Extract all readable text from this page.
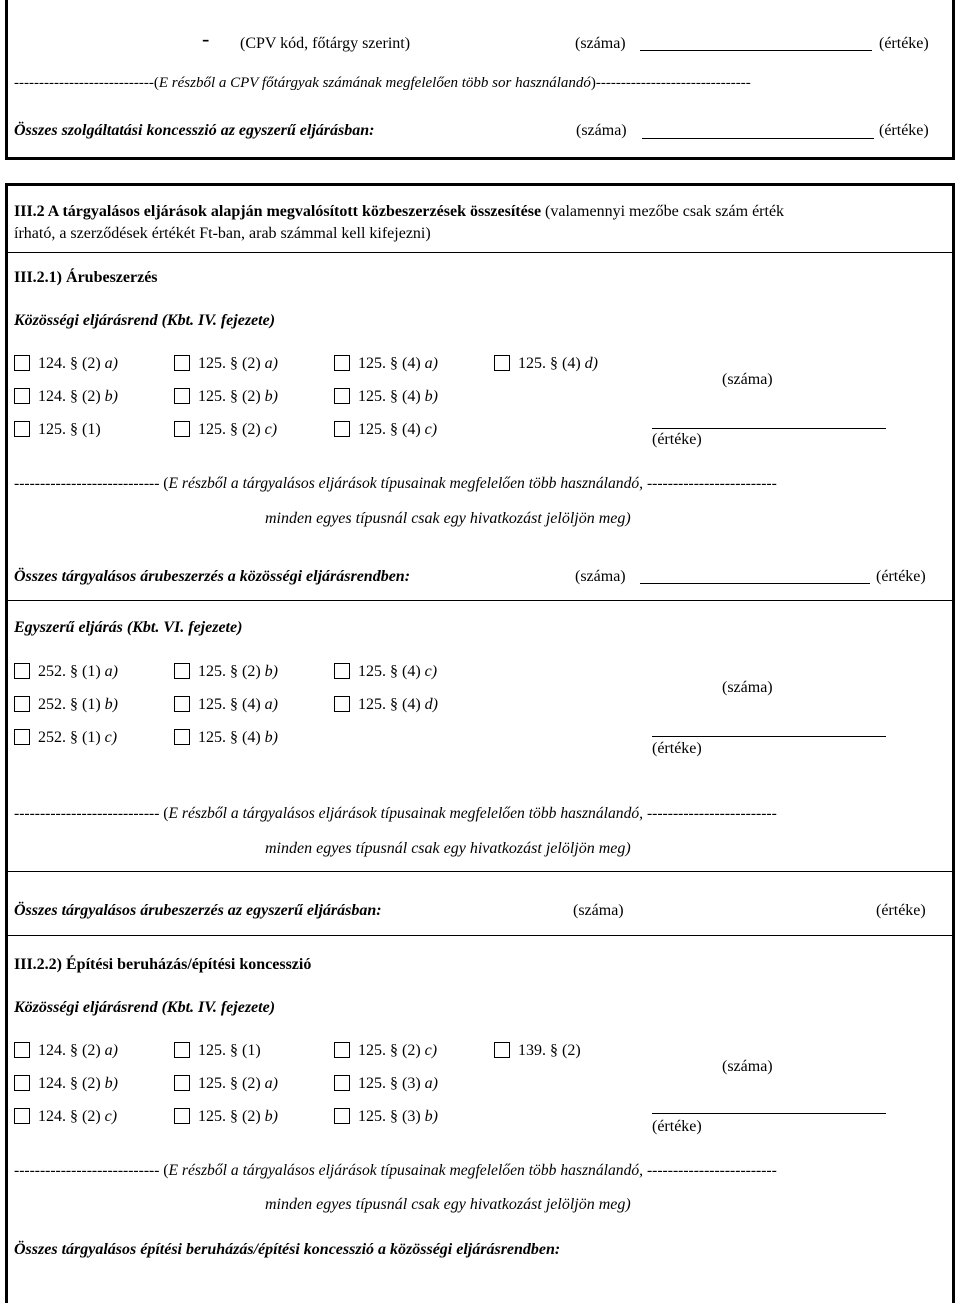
- (CPV kód, főtárgy szerint)	(száma)	(értéke)
----------------------------(E részből a CPV főtárgyak számának megfelelően több sor használandó)-------------------------------
Összes szolgáltatási koncesszió az egyszerű eljárásban:	(száma)	(értéke)
III.2 A tárgyalásos eljárások alapján megvalósított közbeszerzések összesítése (valamennyi mezőbe csak szám érték
írható, a szerződések értékét Ft-ban, arab számmal kell kifejezni)
III.2.1) Árubeszerzés
Közösségi eljárásrend (Kbt. IV. fejezete)
124. § (2) a)	125. § (2) a)	125. § (4) a)	125. § (4) d)
124. § (2) b)	125. § (2) b)	125. § (4) b)
125. § (1)	125. § (2) c)	125. § (4) c)
(száma)
(értéke)
---------------------------- (E részből a tárgyalásos eljárások típusainak megfelelően több használandó, -------------------------
minden egyes típusnál csak egy hivatkozást jelöljön meg)
Összes tárgyalásos árubeszerzés a közösségi eljárásrendben:	(száma)	(értéke)
Egyszerű eljárás (Kbt. VI. fejezete)
252. § (1) a)	125. § (2) b)	125. § (4) c)
252. § (1) b)	125. § (4) a)	125. § (4) d)
252. § (1) c)	125. § (4) b)
(száma)
(értéke)
---------------------------- (E részből a tárgyalásos eljárások típusainak megfelelően több használandó, -------------------------
minden egyes típusnál csak egy hivatkozást jelöljön meg)
Összes tárgyalásos árubeszerzés az egyszerű eljárásban:	(száma)	(értéke)
III.2.2) Építési beruházás/építési koncesszió
Közösségi eljárásrend (Kbt. IV. fejezete)
124. § (2) a)	125. § (1)	125. § (2) c)	139. § (2)
124. § (2) b)	125. § (2) a)	125. § (3) a)
124. § (2) c)	125. § (2) b)	125. § (3) b)
(száma)
(értéke)
---------------------------- (E részből a tárgyalásos eljárások típusainak megfelelően több használandó, -------------------------
minden egyes típusnál csak egy hivatkozást jelöljön meg)
Összes tárgyalásos építési beruházás/építési koncesszió a közösségi eljárásrendben:
